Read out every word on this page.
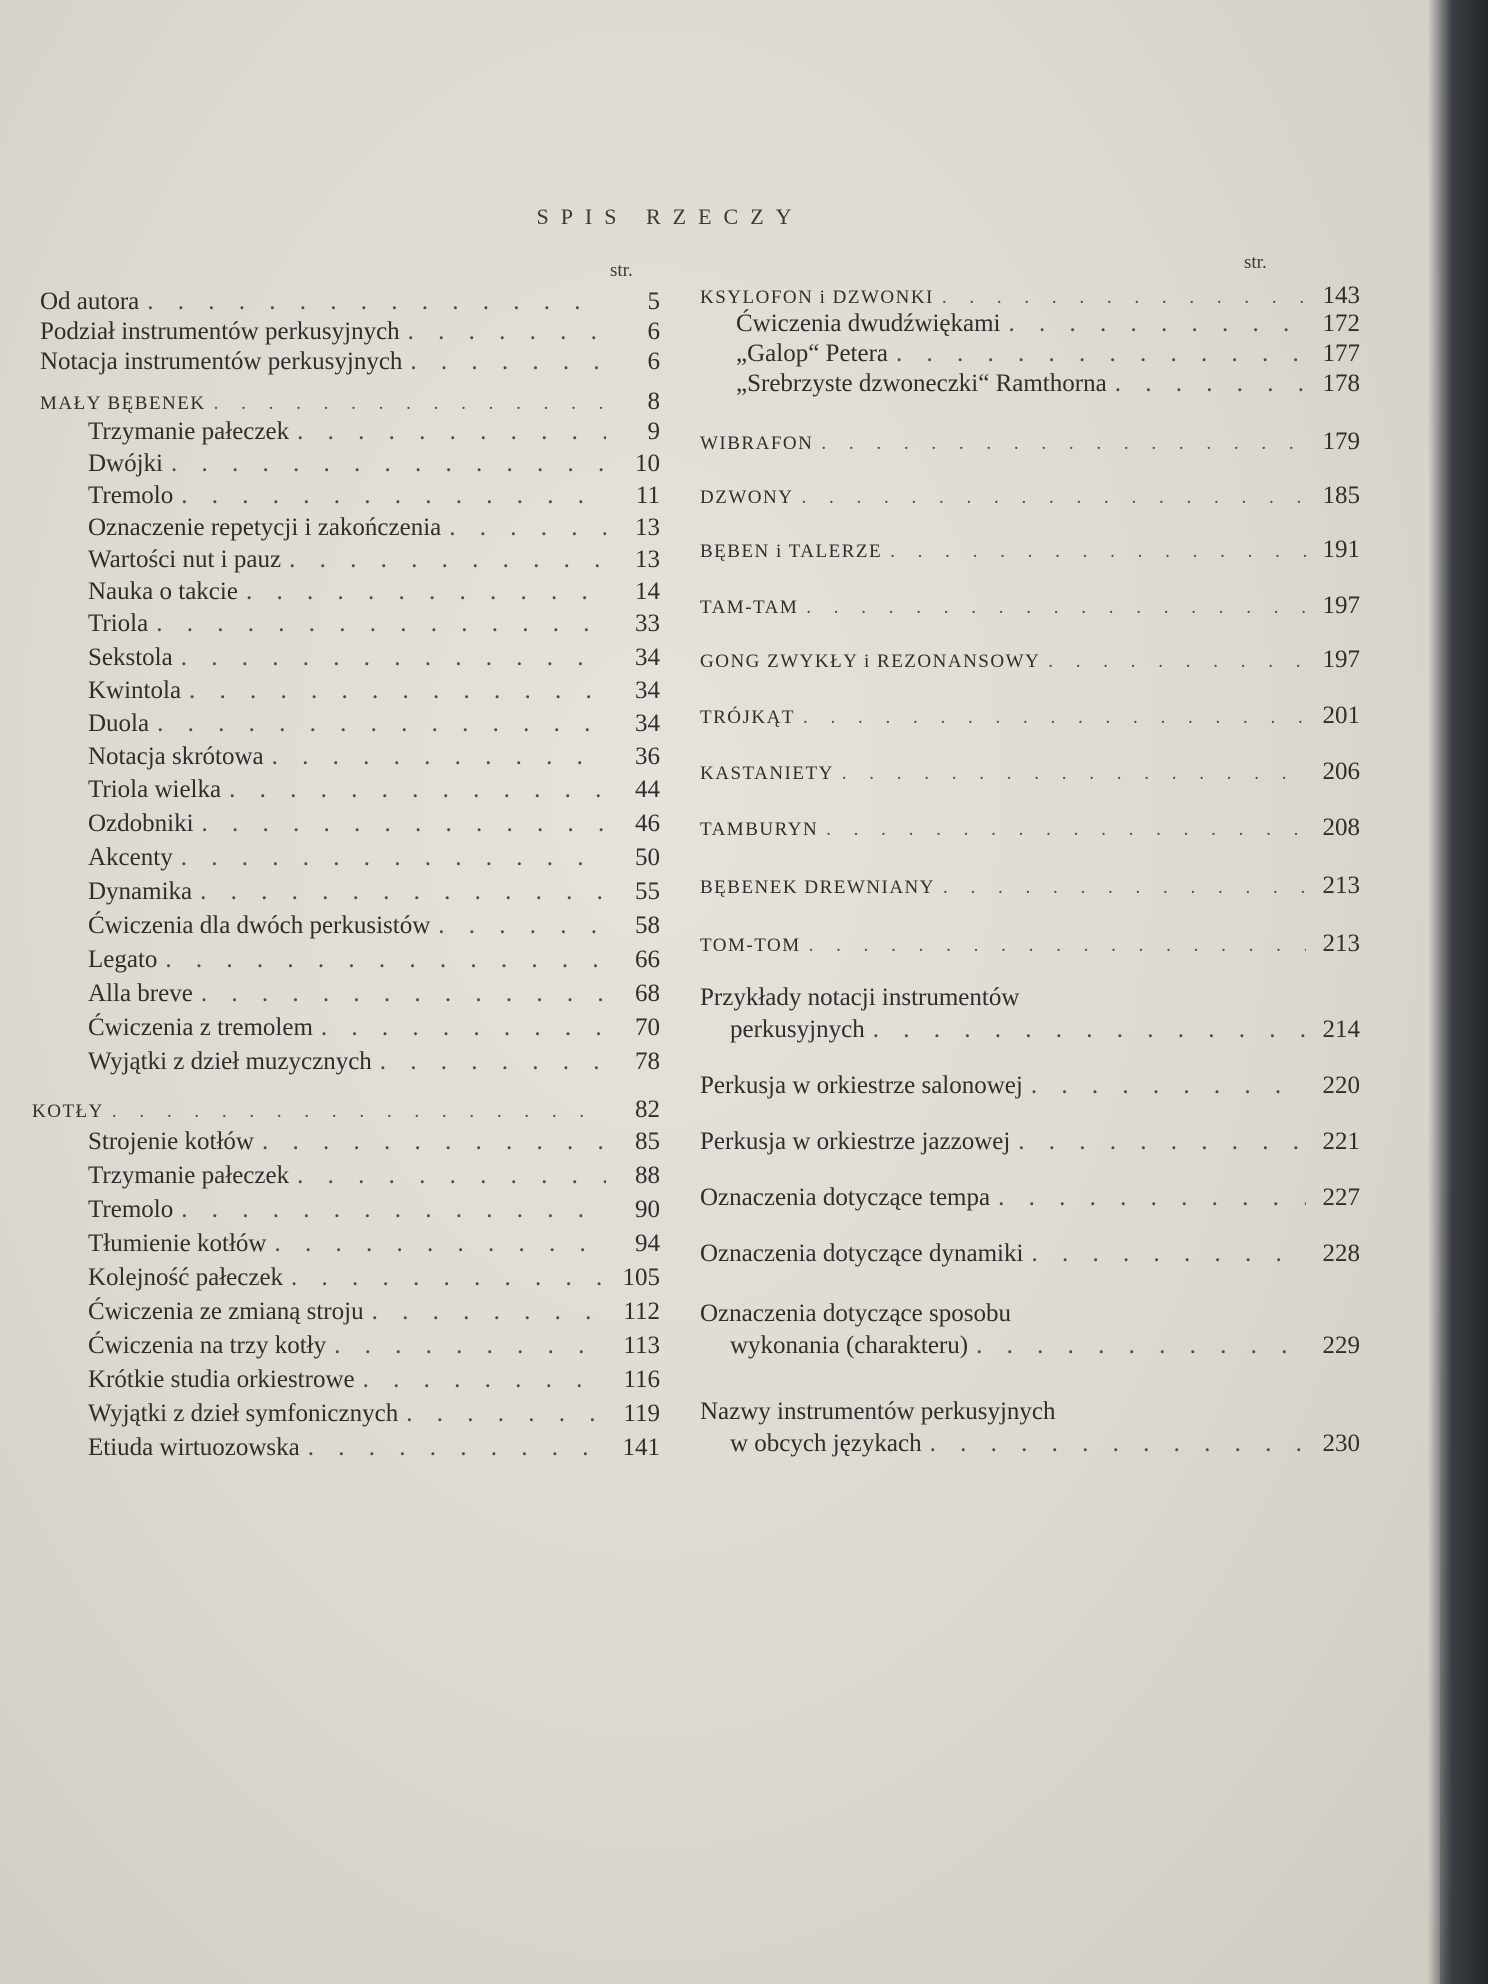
SPIS RZECZY
str.
Od autora . . .	5
Podział instrumentów perkusyjnych . . .	6
Notacja instrumentów perkusyjnych . . .	6
MAŁY BĘBENEK . . .	8
Trzymanie pałeczek . . .	9
Dwójki . . .	10
Tremolo . . .	11
Oznaczenie repetycji i zakończenia . . .	13
Wartości nut i pauz . . .	13
Nauka o takcie . . .	14
Triola . . .	33
Sekstola . . .	34
Kwintola . . .	34
Duola . . .	34
Notacja skrótowa . . .	36
Triola wielka . . .	44
Ozdobniki . . .	46
Akcenty . . .	50
Dynamika . . .	55
Ćwiczenia dla dwóch perkusistów . . .	58
Legato . . .	66
Alla breve . . .	68
Ćwiczenia z tremolem . . .	70
Wyjątki z dzieł muzycznych . . .	78
KOTŁY . . .	82
Strojenie kotłów . . .	85
Trzymanie pałeczek . . .	88
Tremolo . . .	90
Tłumienie kotłów . . .	94
Kolejność pałeczek . . .	105
Ćwiczenia ze zmianą stroju . . .	112
Ćwiczenia na trzy kotły . . .	113
Krótkie studia orkiestrowe . . .	116
Wyjątki z dzieł symfonicznych . . .	119
Etiuda wirtuozowska . . .	141
str.
KSYLOFON i DZWONKI . . .	143
Ćwiczenia dwudźwiękami . . .	172
„Galop“ Petera . . .	177
„Srebrzyste dzwoneczki“ Ramthorna . . .	178
WIBRAFON . . .	179
DZWONY . . .	185
BĘBEN i TALERZE . . .	191
TAM-TAM . . .	197
GONG ZWYKŁY i REZONANSOWY . . .	197
TRÓJKĄT . . .	201
KASTANIETY . . .	206
TAMBURYN . . .	208
BĘBENEK DREWNIANY . . .	213
TOM-TOM . . .	213
Przykłady notacji instrumentów
perkusyjnych . . .	214
Perkusja w orkiestrze salonowej . . .	220
Perkusja w orkiestrze jazzowej . . .	221
Oznaczenia dotyczące tempa . . .	227
Oznaczenia dotyczące dynamiki . . .	228
Oznaczenia dotyczące sposobu
wykonania (charakteru) . . .	229
Nazwy instrumentów perkusyjnych
w obcych językach . . .	230
